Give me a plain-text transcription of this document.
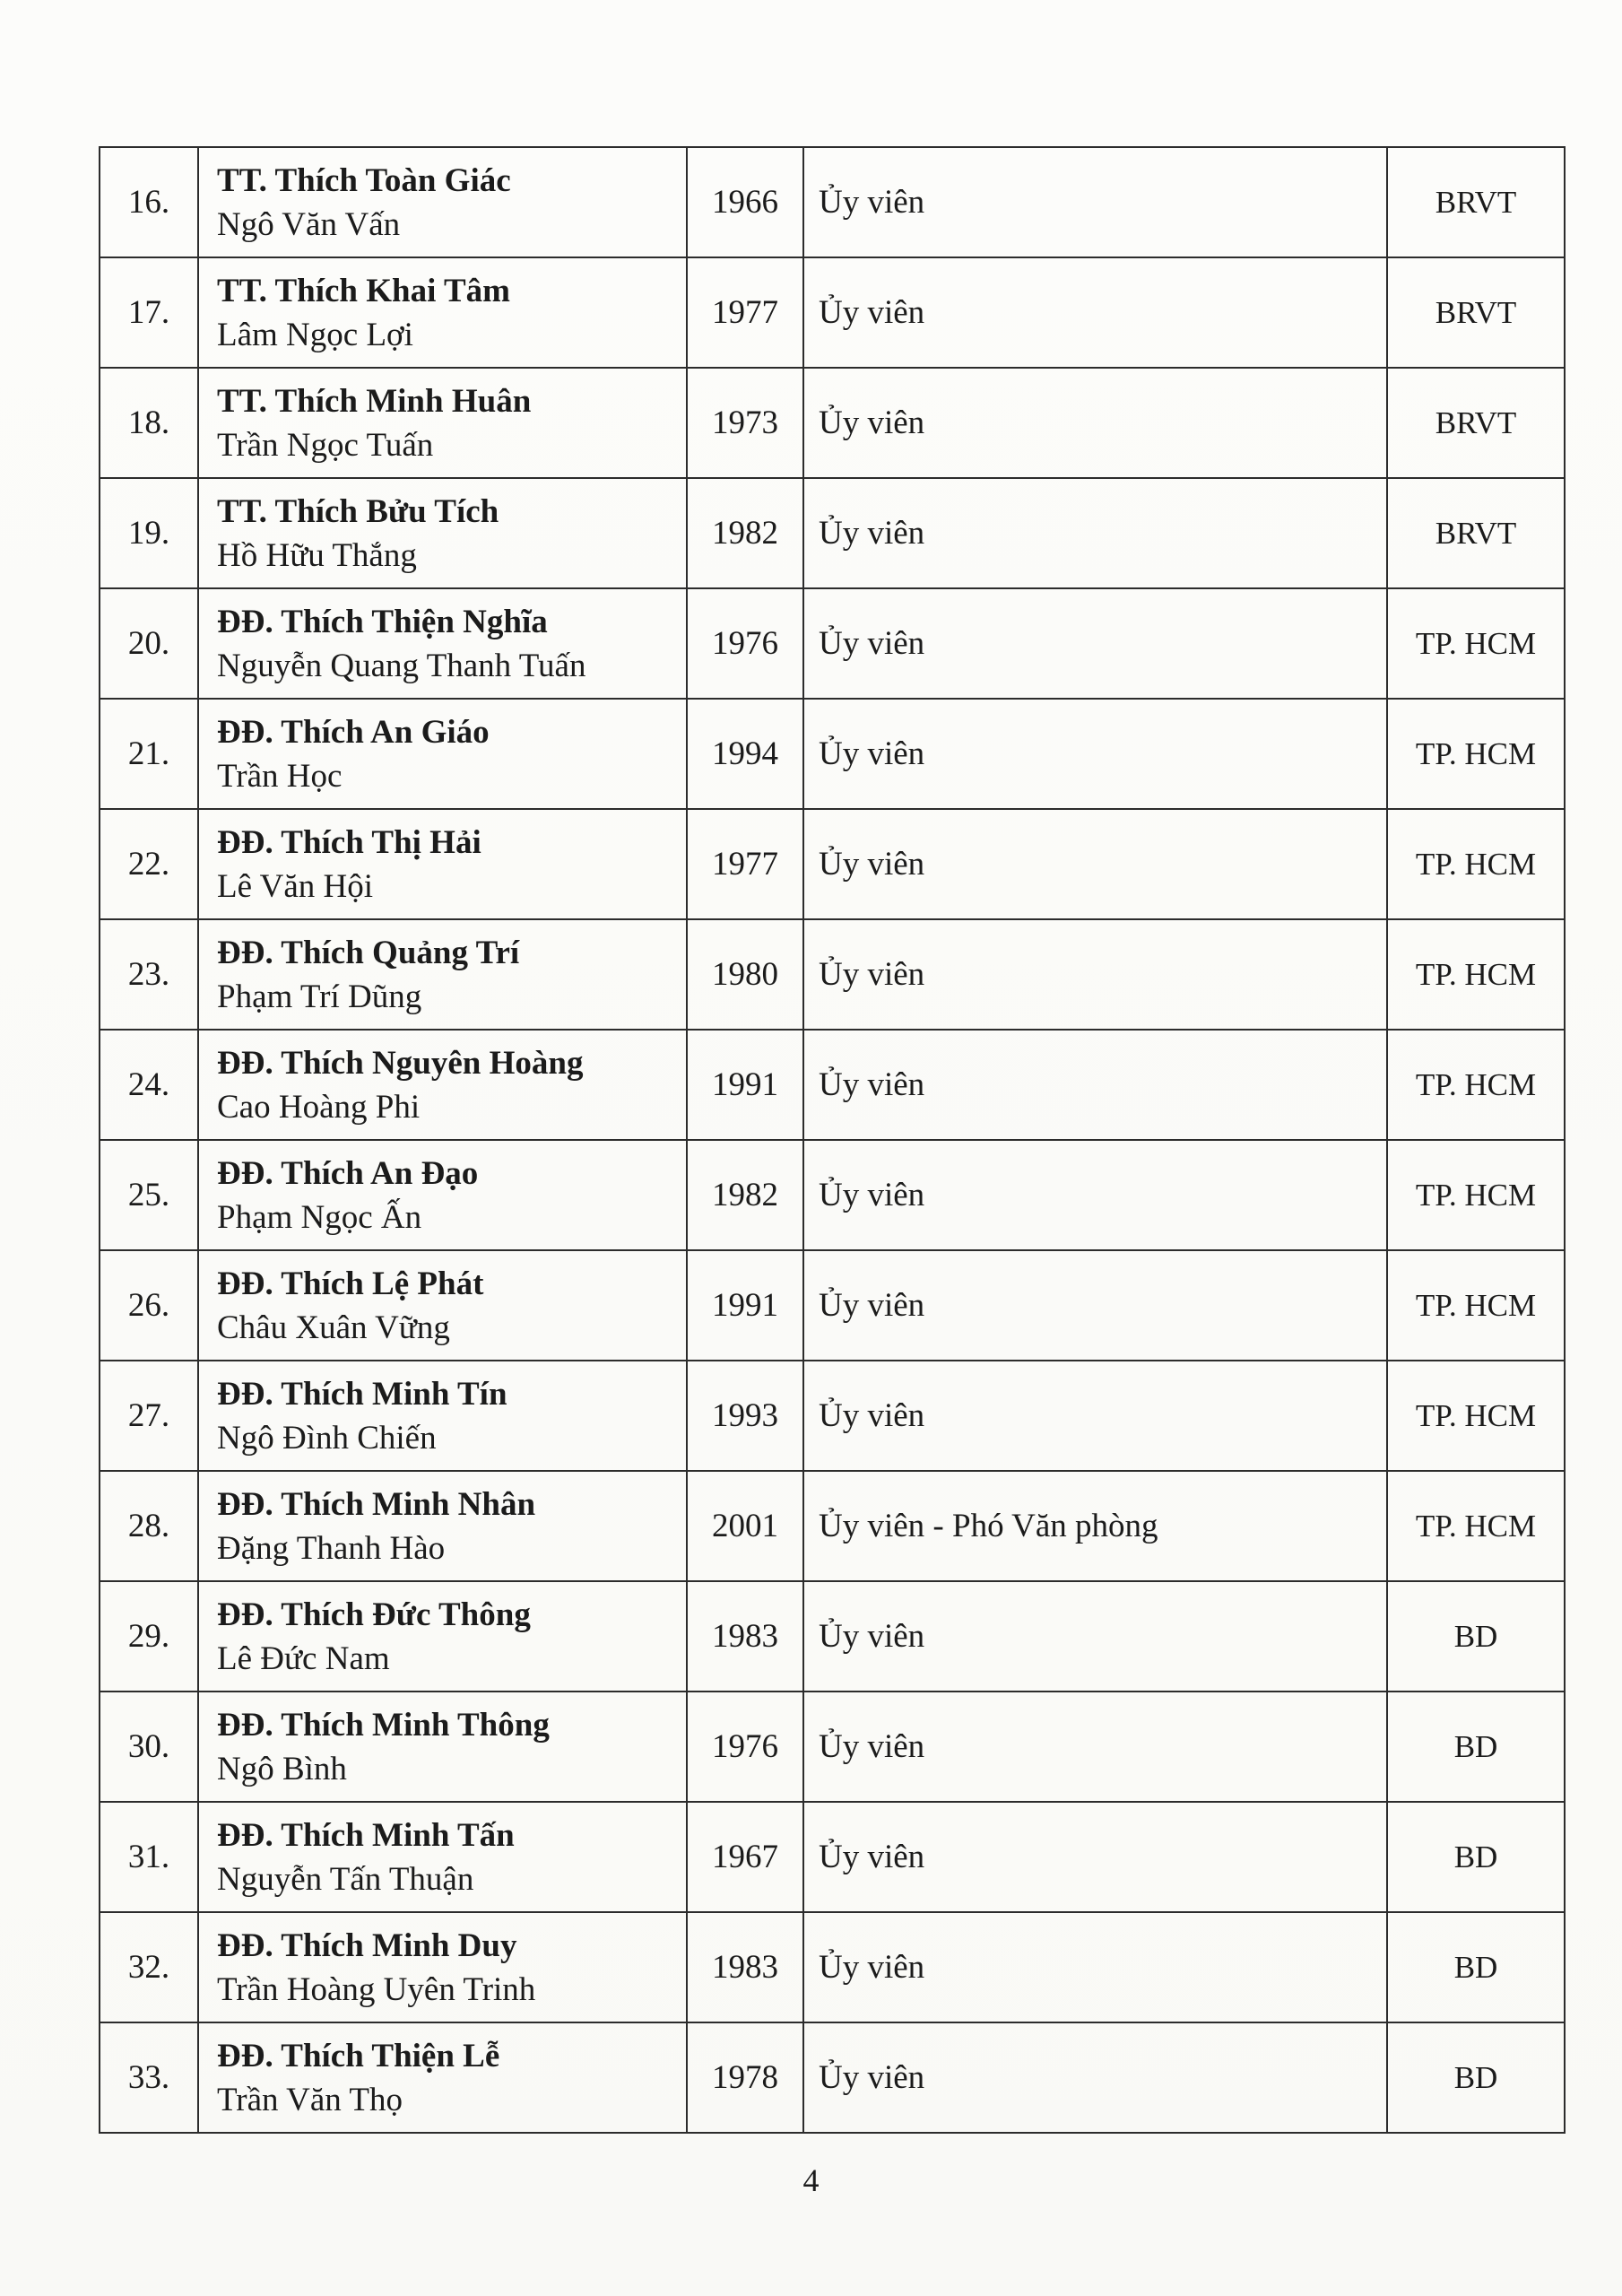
16.	TT. Thích Toàn Giác
Ngô Văn Vấn	1966	Ủy viên	BRVT
17.	TT. Thích Khai Tâm
Lâm Ngọc Lợi	1977	Ủy viên	BRVT
18.	TT. Thích Minh Huân
Trần Ngọc Tuấn	1973	Ủy viên	BRVT
19.	TT. Thích Bửu Tích
Hồ Hữu Thắng	1982	Ủy viên	BRVT
20.	ĐĐ. Thích Thiện Nghĩa
Nguyễn Quang Thanh Tuấn	1976	Ủy viên	TP. HCM
21.	ĐĐ. Thích An Giáo
Trần Học	1994	Ủy viên	TP. HCM
22.	ĐĐ. Thích Thị Hải
Lê Văn Hội	1977	Ủy viên	TP. HCM
23.	ĐĐ. Thích Quảng Trí
Phạm Trí Dũng	1980	Ủy viên	TP. HCM
24.	ĐĐ. Thích Nguyên Hoàng
Cao Hoàng Phi	1991	Ủy viên	TP. HCM
25.	ĐĐ. Thích An Đạo
Phạm Ngọc Ấn	1982	Ủy viên	TP. HCM
26.	ĐĐ. Thích Lệ Phát
Châu Xuân Vững	1991	Ủy viên	TP. HCM
27.	ĐĐ. Thích Minh Tín
Ngô Đình Chiến	1993	Ủy viên	TP. HCM
28.	ĐĐ. Thích Minh Nhân
Đặng Thanh Hào	2001	Ủy viên - Phó Văn phòng	TP. HCM
29.	ĐĐ. Thích Đức Thông
Lê Đức Nam	1983	Ủy viên	BD
30.	ĐĐ. Thích Minh Thông
Ngô Bình	1976	Ủy viên	BD
31.	ĐĐ. Thích Minh Tấn
Nguyễn Tấn Thuận	1967	Ủy viên	BD
32.	ĐĐ. Thích Minh Duy
Trần Hoàng Uyên Trinh	1983	Ủy viên	BD
33.	ĐĐ. Thích Thiện Lễ
Trần Văn Thọ	1978	Ủy viên	BD
4
